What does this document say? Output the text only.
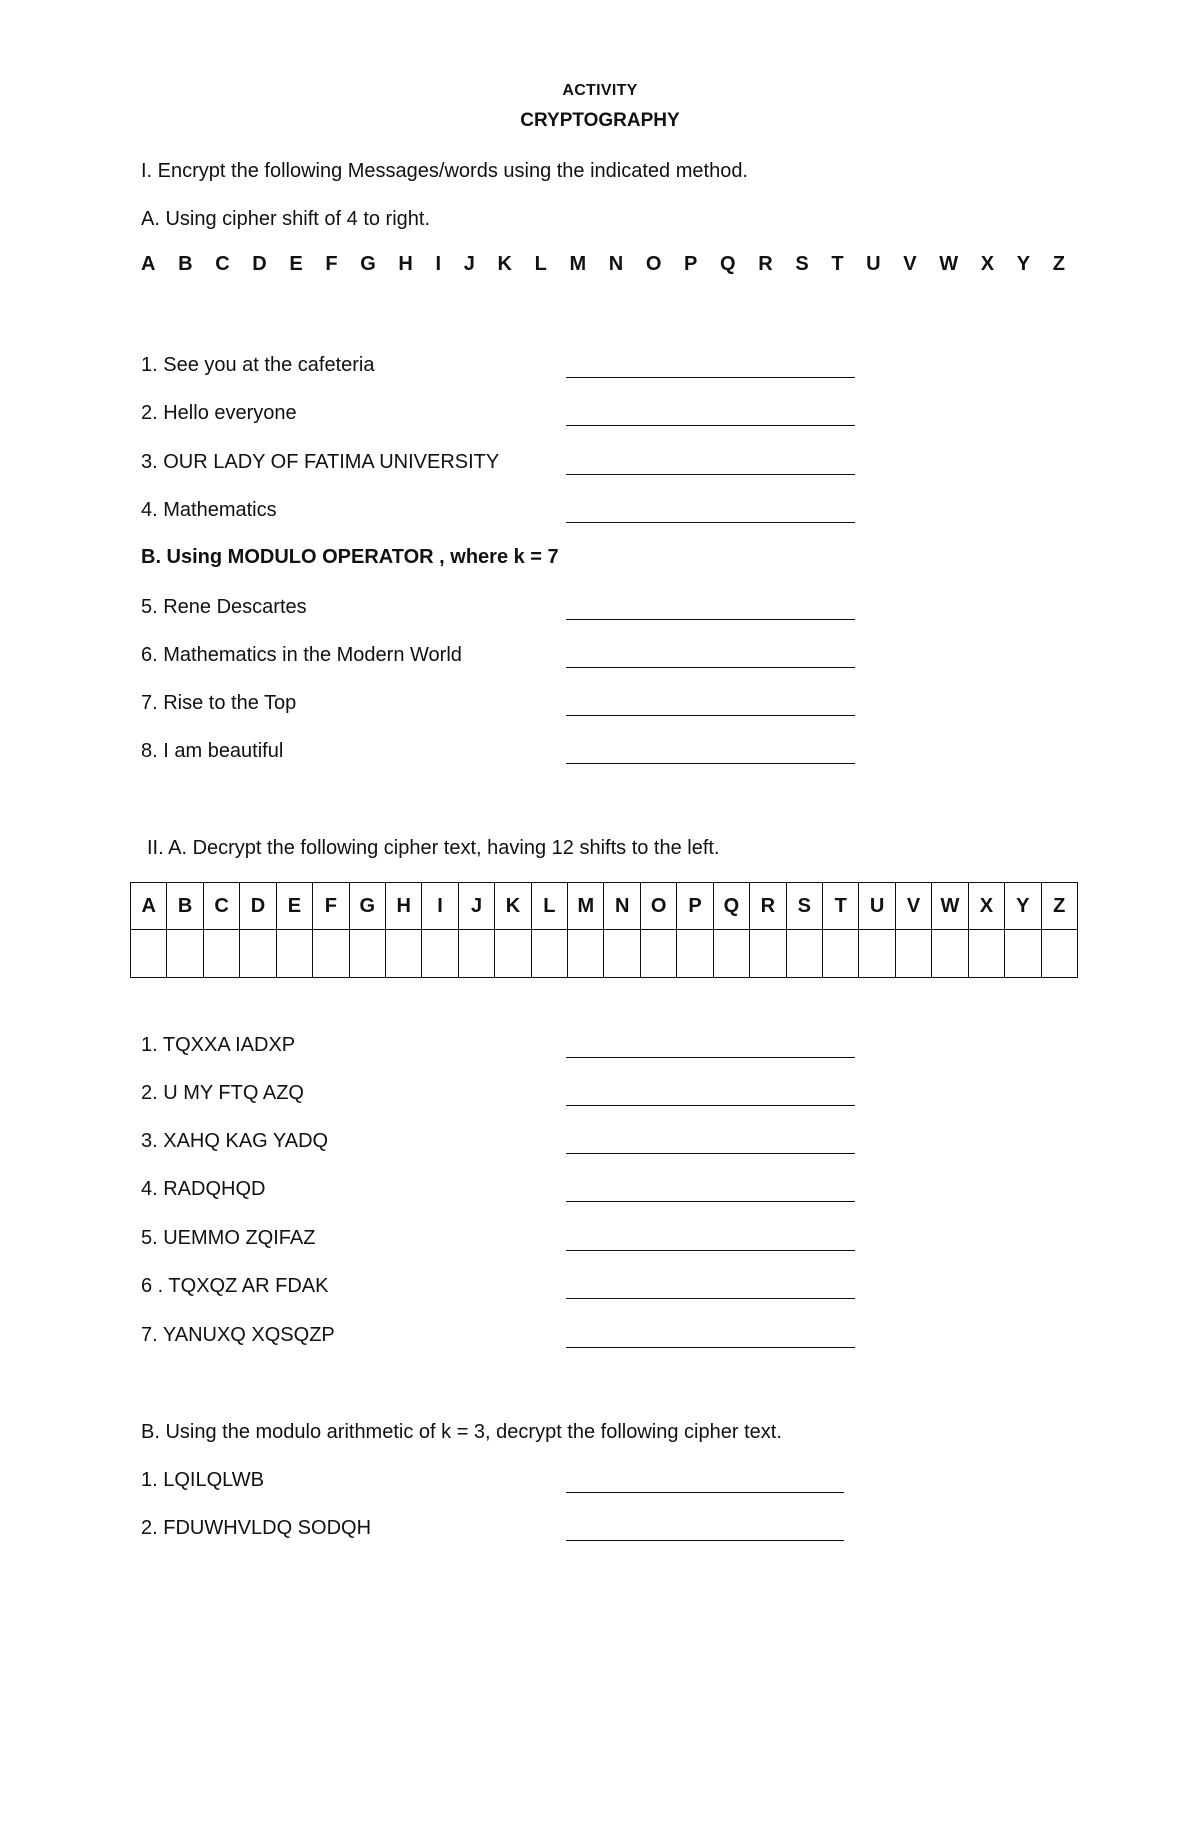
ACTIVITY
CRYPTOGRAPHY
I. Encrypt the following Messages/words using the indicated method.
A. Using cipher shift of 4 to right.
A B C D E F G H I J K L M N O P Q R S T U V W X Y Z
1. See you at the cafeteria
2. Hello everyone
3. OUR LADY OF FATIMA UNIVERSITY
4. Mathematics
B. Using MODULO OPERATOR , where k = 7
5. Rene Descartes
6. Mathematics in the Modern World
7. Rise to the Top
8. I am beautiful
II. A. Decrypt the following cipher text, having 12 shifts to the left.
A	B	C	D	E	F	G	H	I	J	K	L	M	N	O	P	Q	R	S	T	U	V	W	X	Y	Z

1. TQXXA IADXP
2. U MY FTQ AZQ
3. XAHQ KAG YADQ
4. RADQHQD
5. UEMMO ZQIFAZ
6 . TQXQZ AR FDAK
7. YANUXQ XQSQZP
B. Using the modulo arithmetic of k = 3, decrypt the following cipher text.
1. LQILQLWB
2. FDUWHVLDQ SODQH
